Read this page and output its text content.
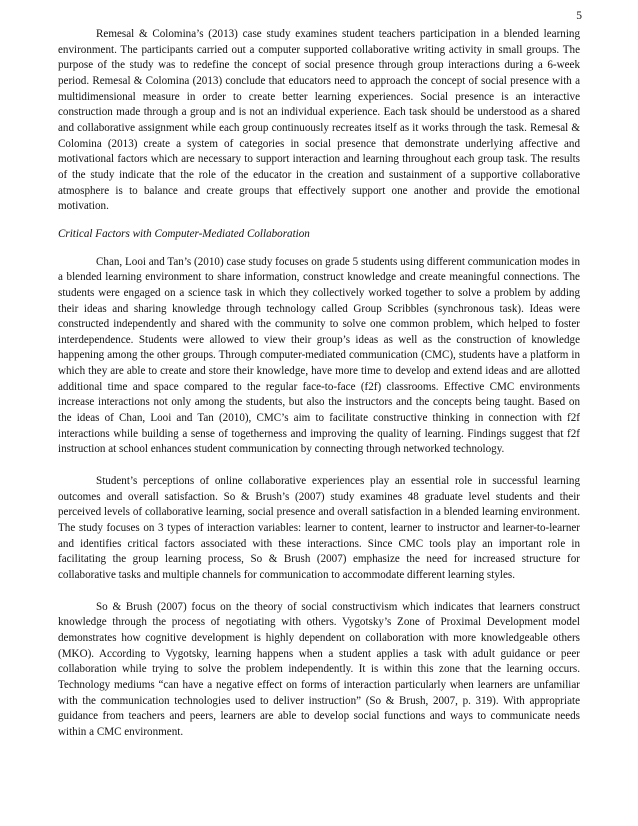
5

Remesal & Colomina’s (2013) case study examines student teachers participation in a blended learning environment. The participants carried out a computer supported collaborative writing activity in small groups. The purpose of the study was to redefine the concept of social presence through group interactions during a 6-week period. Remesal & Colomina (2013) conclude that educators need to approach the concept of social presence with a multidimensional measure in order to create better learning experiences. Social presence is an interactive construction made through a group and is not an individual experience. Each task should be understood as a shared and collaborative assignment while each group continuously recreates itself as it works through the task. Remesal & Colomina (2013) create a system of categories in social presence that demonstrate underlying affective and motivational factors which are necessary to support interaction and learning throughout each group task. The results of the study indicate that the role of the educator in the creation and sustainment of a supportive collaborative atmosphere is to balance and create groups that effectively support one another and provide the emotional motivation.

Critical Factors with Computer-Mediated Collaboration

Chan, Looi and Tan’s (2010) case study focuses on grade 5 students using different communication modes in a blended learning environment to share information, construct knowledge and create meaningful connections. The students were engaged on a science task in which they collectively worked together to solve a problem by adding their ideas and sharing knowledge through technology called Group Scribbles (synchronous task). Ideas were constructed independently and shared with the community to solve one common problem, which helped to foster interdependence. Students were allowed to view their group’s ideas as well as the construction of knowledge happening among the other groups. Through computer-mediated communication (CMC), students have a platform in which they are able to create and store their knowledge, have more time to develop and extend ideas and are allotted additional time and space compared to the regular face-to-face (f2f) classrooms. Effective CMC environments increase interactions not only among the students, but also the instructors and the concepts being taught. Based on the ideas of Chan, Looi and Tan (2010), CMC’s aim to facilitate constructive thinking in connection with f2f interactions while building a sense of togetherness and improving the quality of learning. Findings suggest that f2f instruction at school enhances student communication by connecting through networked technology.

Student’s perceptions of online collaborative experiences play an essential role in successful learning outcomes and overall satisfaction. So & Brush’s (2007) study examines 48 graduate level students and their perceived levels of collaborative learning, social presence and overall satisfaction in a blended learning environment. The study focuses on 3 types of interaction variables: learner to content, learner to instructor and learner-to-learner and identifies critical factors associated with these interactions. Since CMC tools play an important role in facilitating the group learning process, So & Brush (2007) emphasize the need for increased structure for collaborative tasks and multiple channels for communication to accommodate different learning styles.

So & Brush (2007) focus on the theory of social constructivism which indicates that learners construct knowledge through the process of negotiating with others. Vygotsky’s Zone of Proximal Development model demonstrates how cognitive development is highly dependent on collaboration with more knowledgeable others (MKO). According to Vygotsky, learning happens when a student applies a task with adult guidance or peer collaboration while trying to solve the problem independently. It is within this zone that the learning occurs. Technology mediums “can have a negative effect on forms of interaction particularly when learners are unfamiliar with the communication technologies used to deliver instruction” (So & Brush, 2007, p. 319). With appropriate guidance from teachers and peers, learners are able to develop social functions and ways to communicate needs within a CMC environment.
